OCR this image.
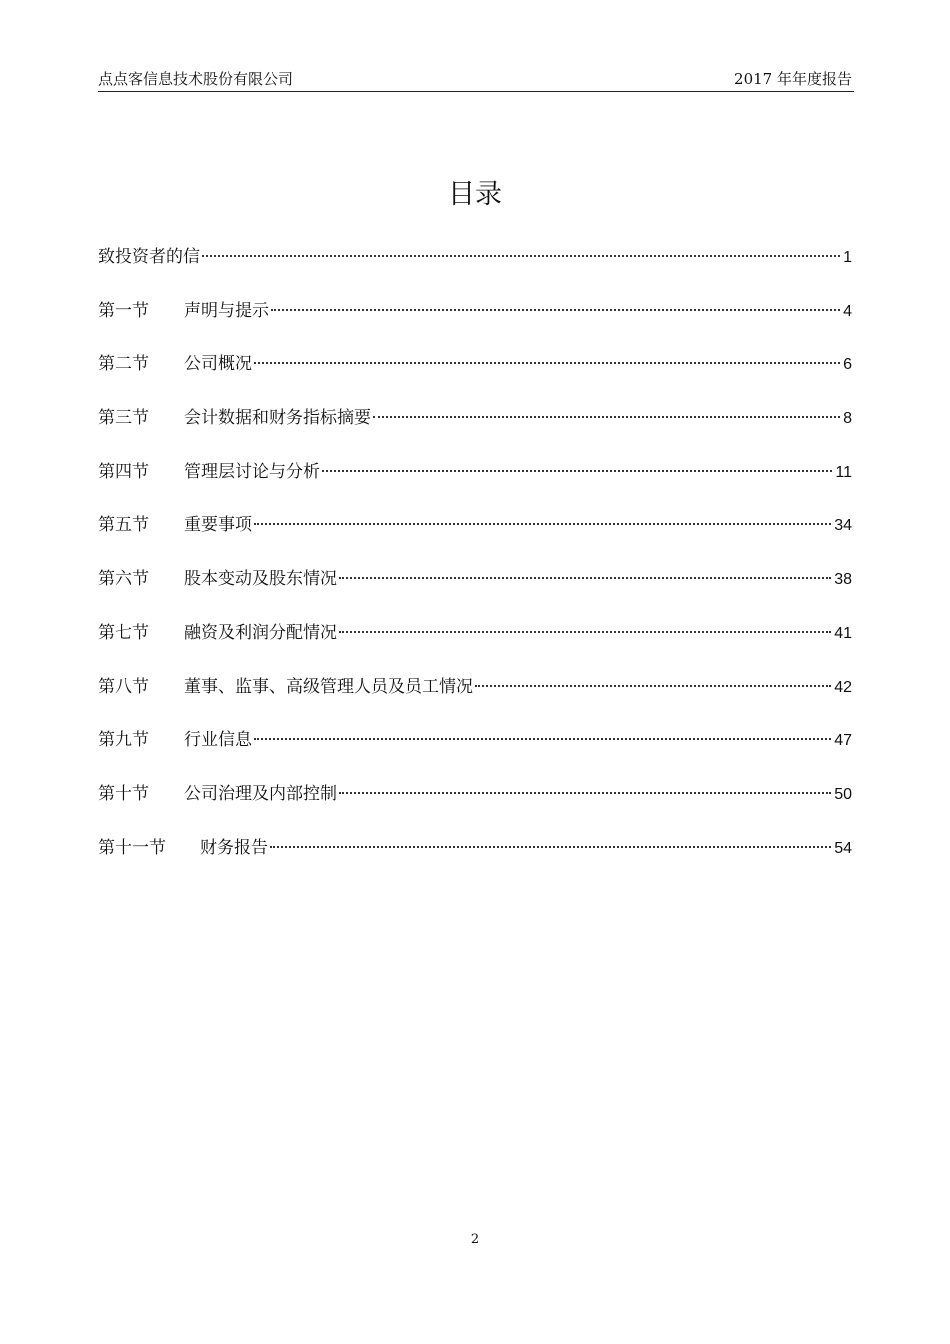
点点客信息技术股份有限公司	2017 年年度报告
目录
致投资者的信	1
第一节	声明与提示	4
第二节	公司概况	6
第三节	会计数据和财务指标摘要	8
第四节	管理层讨论与分析	11
第五节	重要事项	34
第六节	股本变动及股东情况	38
第七节	融资及利润分配情况	41
第八节	董事、监事、高级管理人员及员工情况	42
第九节	行业信息	47
第十节	公司治理及内部控制	50
第十一节	财务报告	54
2
